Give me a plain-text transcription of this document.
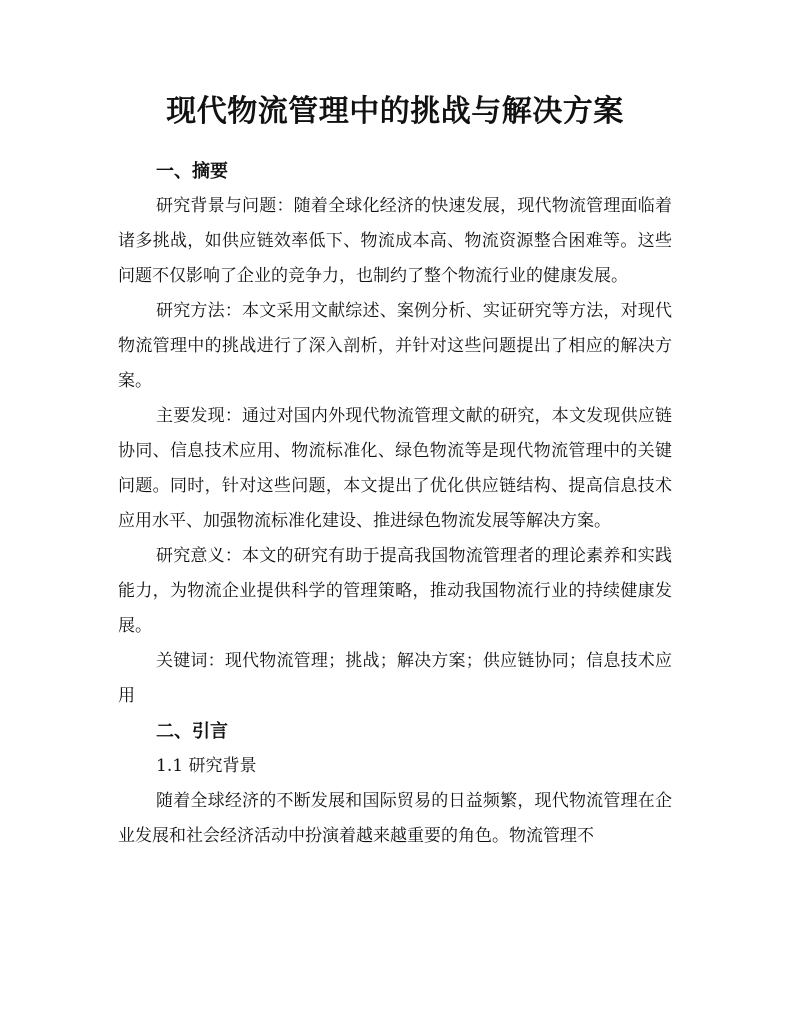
现代物流管理中的挑战与解决方案
一、摘要

研究背景与问题：随着全球化经济的快速发展，现代物流管理面临着诸多挑战，如供应链效率低下、物流成本高、物流资源整合困难等。这些问题不仅影响了企业的竞争力，也制约了整个物流行业的健康发展。

研究方法：本文采用文献综述、案例分析、实证研究等方法，对现代物流管理中的挑战进行了深入剖析，并针对这些问题提出了相应的解决方案。

主要发现：通过对国内外现代物流管理文献的研究，本文发现供应链协同、信息技术应用、物流标准化、绿色物流等是现代物流管理中的关键问题。同时，针对这些问题，本文提出了优化供应链结构、提高信息技术应用水平、加强物流标准化建设、推进绿色物流发展等解决方案。

研究意义：本文的研究有助于提高我国物流管理者的理论素养和实践能力，为物流企业提供科学的管理策略，推动我国物流行业的持续健康发展。

关键词：现代物流管理；挑战；解决方案；供应链协同；信息技术应用

二、引言

1.1 研究背景

随着全球经济的不断发展和国际贸易的日益频繁，现代物流管理在企业发展和社会经济活动中扮演着越来越重要的角色。物流管理不
